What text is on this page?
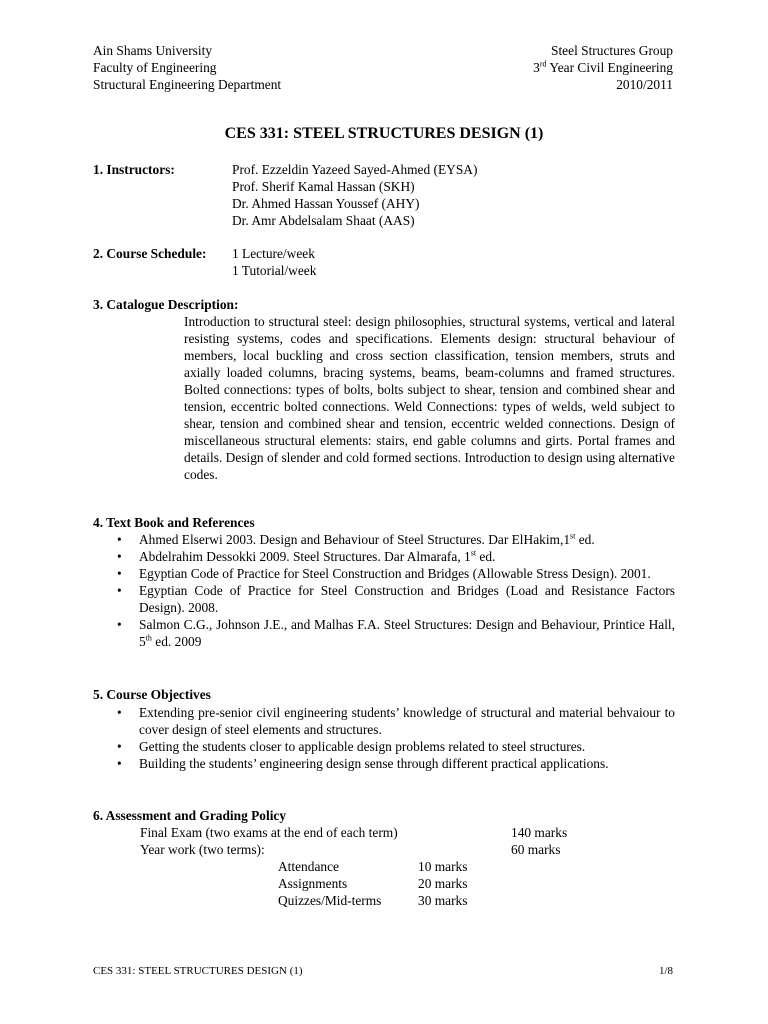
Ain Shams University
Faculty of Engineering
Structural Engineering Department
Steel Structures Group
3rd Year Civil Engineering
2010/2011
CES 331: STEEL STRUCTURES DESIGN (1)
1. Instructors:	Prof. Ezzeldin Yazeed Sayed-Ahmed (EYSA)
Prof. Sherif Kamal Hassan (SKH)
Dr. Ahmed Hassan Youssef (AHY)
Dr. Amr Abdelsalam Shaat (AAS)
2. Course Schedule: 1 Lecture/week
1 Tutorial/week
3. Catalogue Description:
Introduction to structural steel: design philosophies, structural systems, vertical and lateral resisting systems, codes and specifications. Elements design: structural behaviour of members, local buckling and cross section classification, tension members, struts and axially loaded columns, bracing systems, beams, beam-columns and framed structures. Bolted connections: types of bolts, bolts subject to shear, tension and combined shear and tension, eccentric bolted connections. Weld Connections: types of welds, weld subject to shear, tension and combined shear and tension, eccentric welded connections. Design of miscellaneous structural elements: stairs, end gable columns and girts. Portal frames and details. Design of slender and cold formed sections. Introduction to design using alternative codes.
4. Text Book and References
• Ahmed Elserwi 2003. Design and Behaviour of Steel Structures. Dar ElHakim,1st ed.
• Abdelrahim Dessokki 2009. Steel Structures. Dar Almarafa, 1st ed.
• Egyptian Code of Practice for Steel Construction and Bridges (Allowable Stress Design). 2001.
• Egyptian Code of Practice for Steel Construction and Bridges (Load and Resistance Factors Design). 2008.
• Salmon C.G., Johnson J.E., and Malhas F.A. Steel Structures: Design and Behaviour, Printice Hall, 5th ed. 2009
5. Course Objectives
• Extending pre-senior civil engineering students’ knowledge of structural and material behvaiour to cover design of steel elements and structures.
• Getting the students closer to applicable design problems related to steel structures.
• Building the students’ engineering design sense through different practical applications.
6. Assessment and Grading Policy
Final Exam (two exams at the end of each term)	140 marks
Year work (two terms):	60 marks
Attendance	10 marks
Assignments	20 marks
Quizzes/Mid-terms	30 marks
CES 331: STEEL STRUCTURES DESIGN (1)	1/8
